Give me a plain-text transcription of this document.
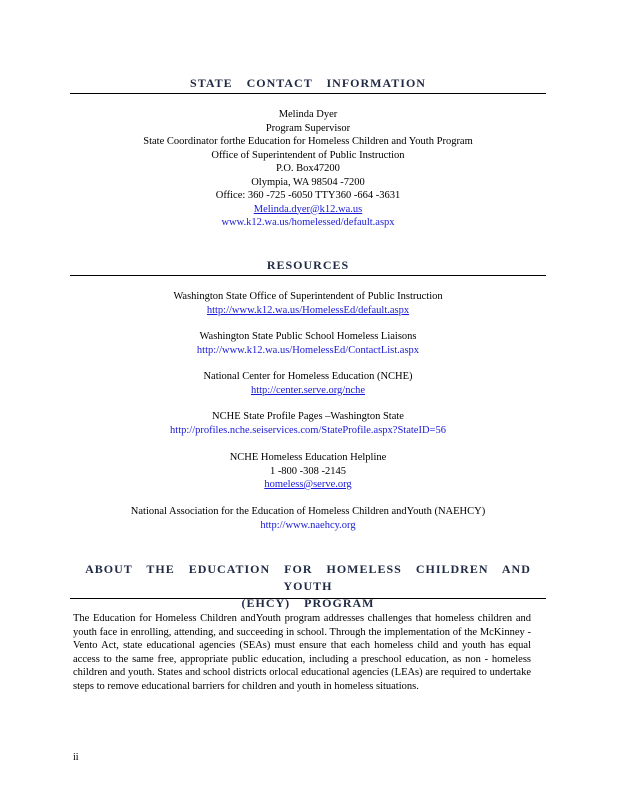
STATE CONTACT INFORMATION
Melinda Dyer
Program Supervisor
State Coordinator forthe Education for Homeless Children and Youth Program
Office of Superintendent of Public Instruction
P.O. Box47200
Olympia, WA 98504 -7200
Office: 360 -725 -6050 TTY360 -664 -3631
Melinda.dyer@k12.wa.us
www.k12.wa.us/homelessed/default.aspx
RESOURCES
Washington State Office of Superintendent of Public Instruction
http://www.k12.wa.us/HomelessEd/default.aspx
Washington State Public School Homeless Liaisons
http://www.k12.wa.us/HomelessEd/ContactList.aspx
National Center for Homeless Education (NCHE)
http://center.serve.org/nche
NCHE State Profile Pages –Washington State
http://profiles.nche.seiservices.com/StateProfile.aspx?StateID=56
NCHE Homeless Education Helpline
1 -800 -308 -2145
homeless@serve.org
National Association for the Education of Homeless Children andYouth (NAEHCY)
http://www.naehcy.org
ABOUT THE EDUCATION FOR HOMELESS CHILDREN AND YOUTH
(EHCY) PROGRAM
The Education for Homeless Children andYouth program addresses challenges that homeless children and youth face in enrolling, attending, and succeeding in school. Through the implementation of the McKinney -Vento Act, state educational agencies (SEAs) must ensure that each homeless child and youth has equal access to the same free, appropriate public education, including a preschool education, as non - homeless children and youth. States and school districts orlocal educational agencies (LEAs) are required to undertake steps to remove educational barriers for children and youth in homeless situations.
ii
